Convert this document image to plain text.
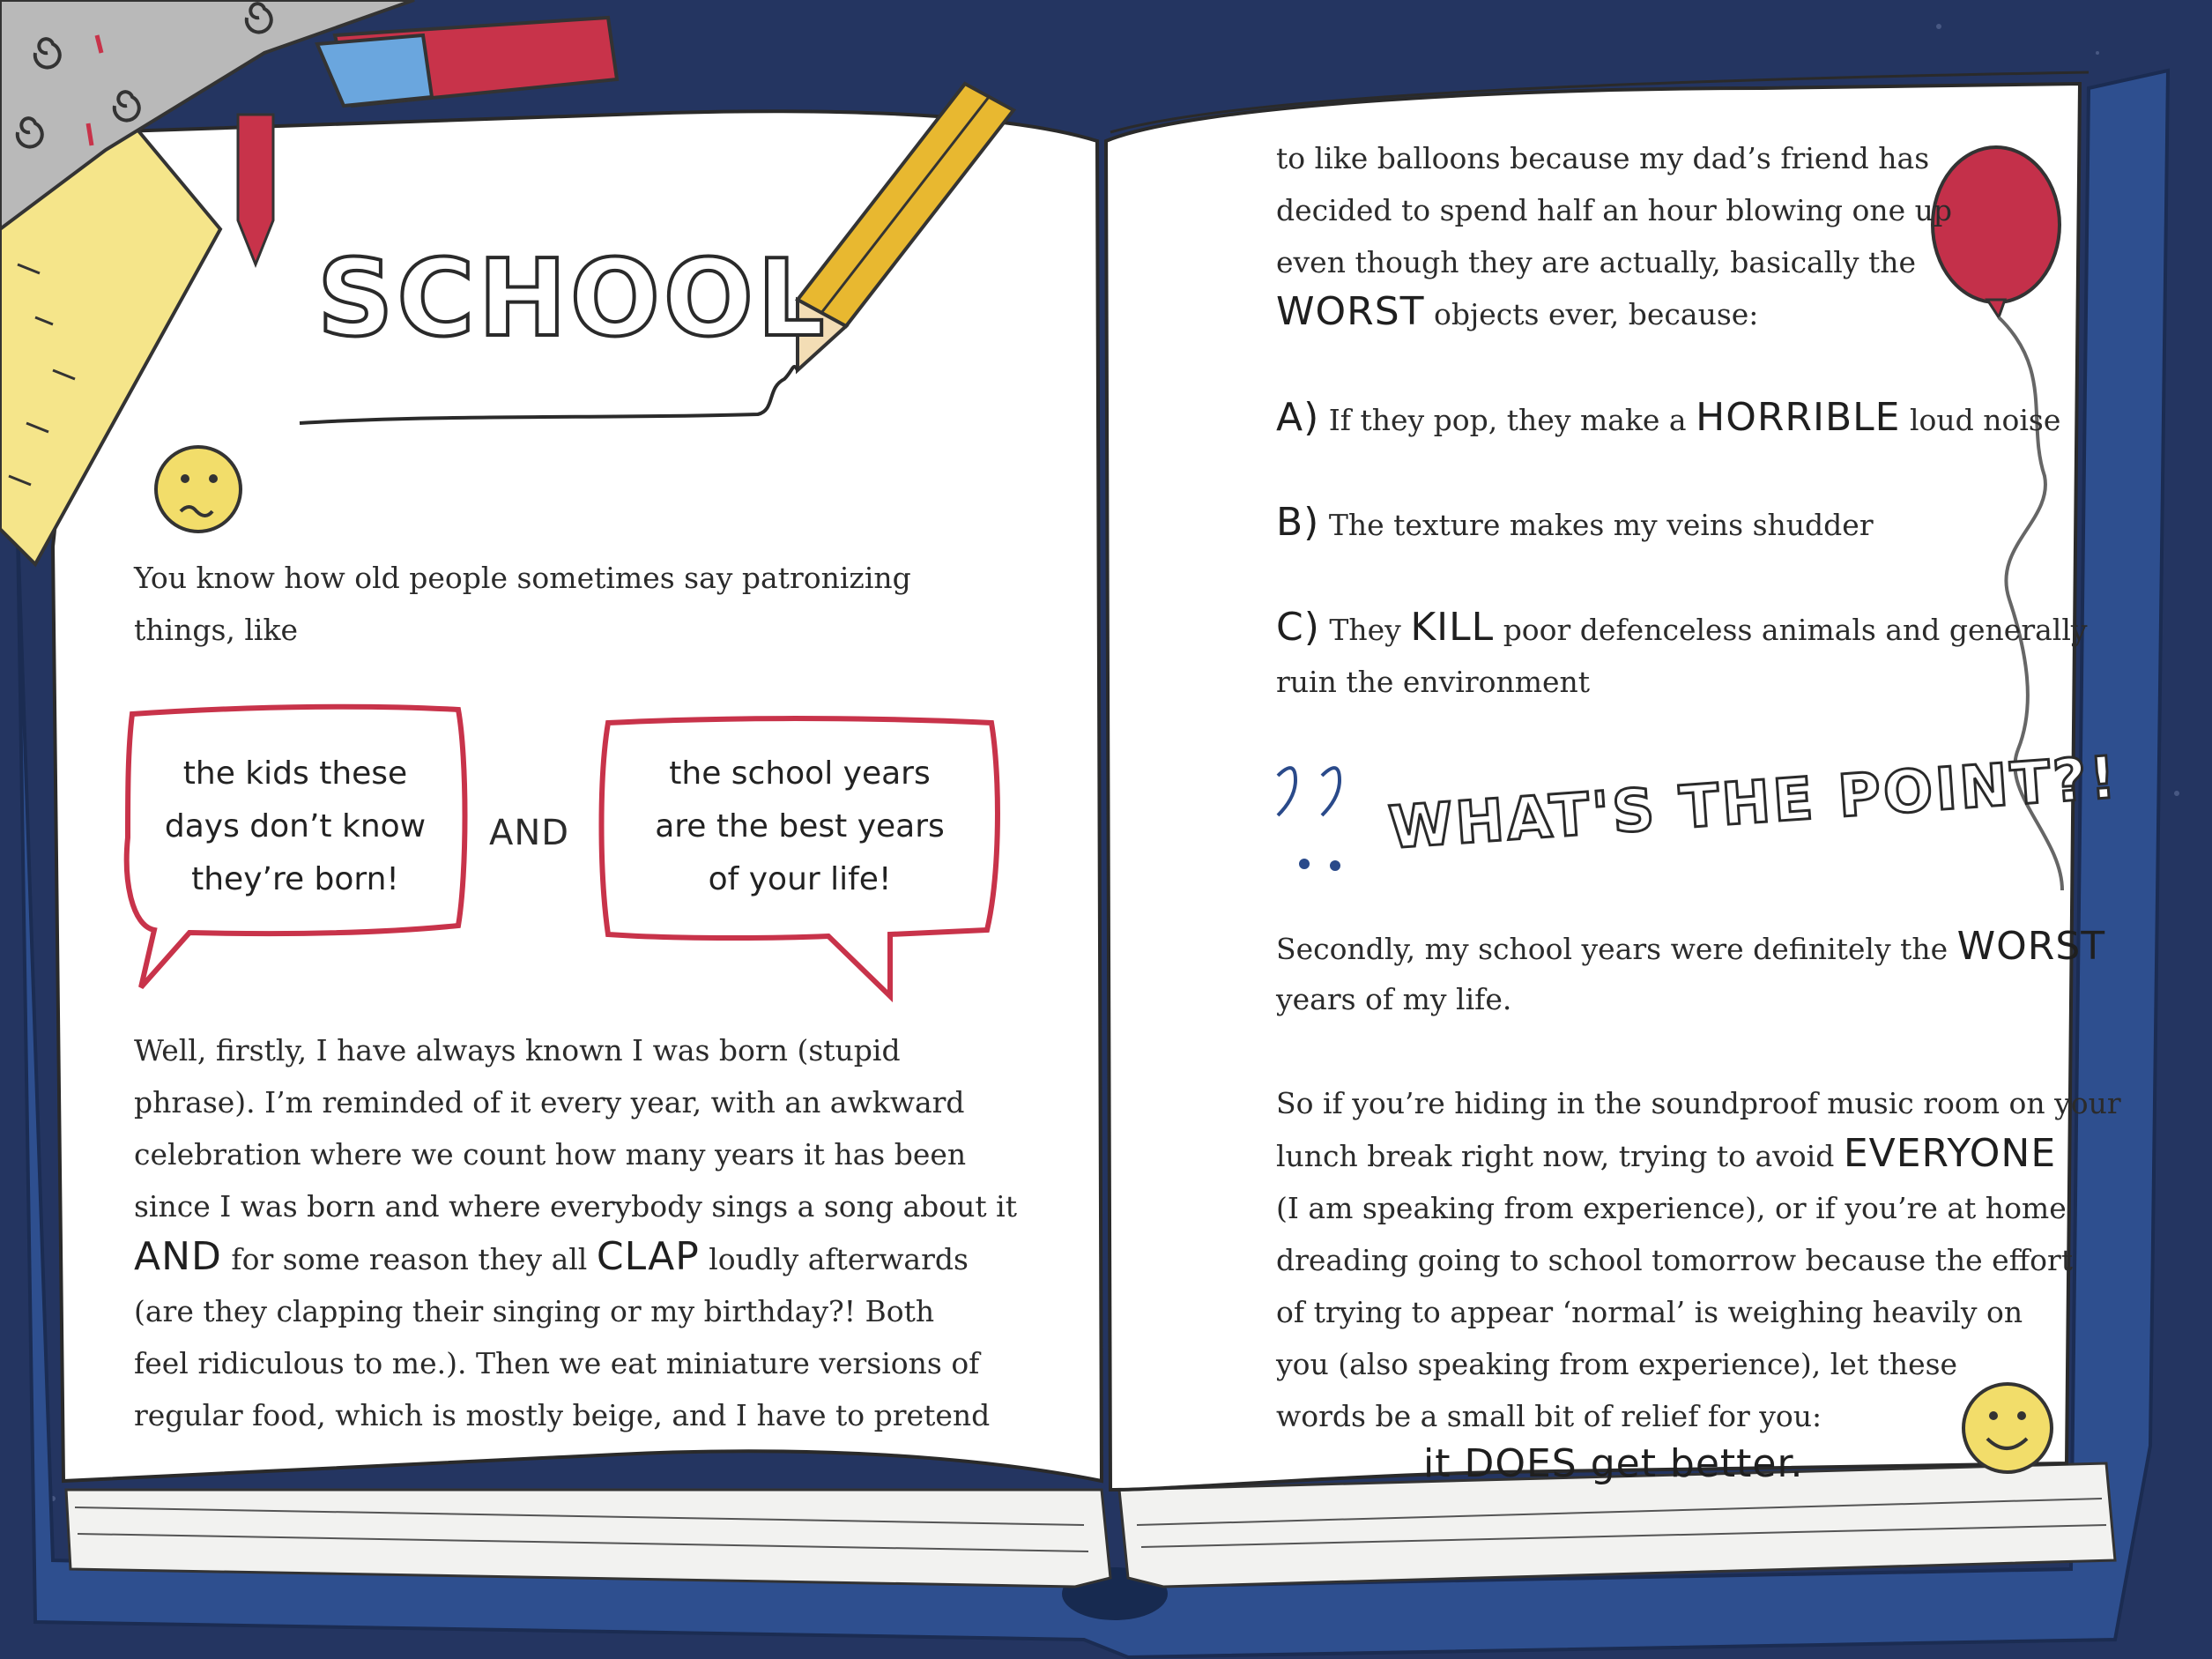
SCHOOL
You know how old people sometimes say patronizing
things, like
the kids these
days don’t know
they’re born!
AND
the school years
are the best years
of your life!
Well, firstly, I have always known I was born (stupid
phrase). I’m reminded of it every year, with an awkward
celebration where we count how many years it has been
since I was born and where everybody sings a song about it
AND for some reason they all CLAP loudly afterwards
(are they clapping their singing or my birthday?! Both
feel ridiculous to me.). Then we eat miniature versions of
regular food, which is mostly beige, and I have to pretend
to like balloons because my dad’s friend has
decided to spend half an hour blowing one up
even though they are actually, basically the
WORST objects ever, because:
A) If they pop, they make a HORRIBLE loud noise
B) The texture makes my veins shudder
C) They KILL poor defenceless animals and generally
ruin the environment
WHAT'S THE POINT?!
Secondly, my school years were definitely the WORST
years of my life.
So if you’re hiding in the soundproof music room on your
lunch break right now, trying to avoid EVERYONE
(I am speaking from experience), or if you’re at home
dreading going to school tomorrow because the effort
of trying to appear ‘normal’ is weighing heavily on
you (also speaking from experience), let these
words be a small bit of relief for you:
it DOES get better.
